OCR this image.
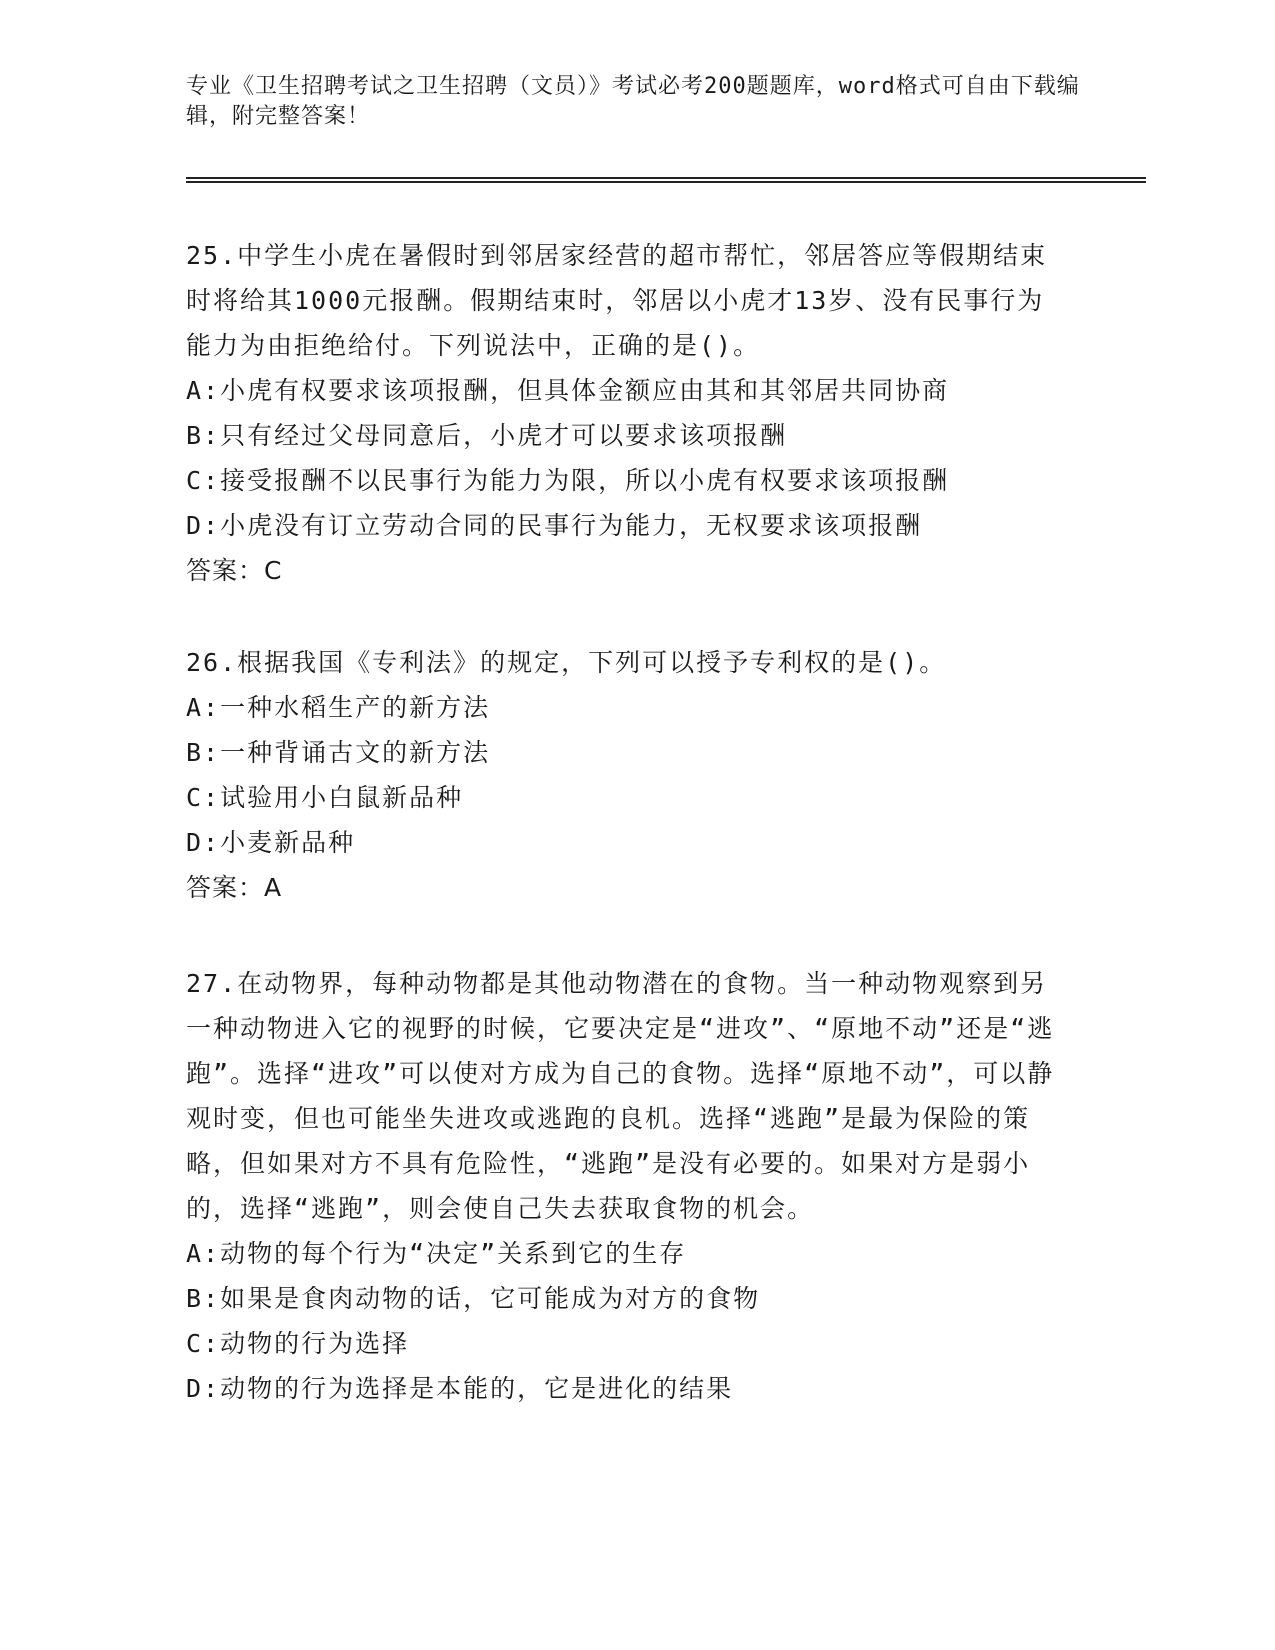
专业《卫生招聘考试之卫生招聘（文员）》考试必考200题题库，word格式可自由下载编辑，附完整答案！
25.中学生小虎在暑假时到邻居家经营的超市帮忙，邻居答应等假期结束时将给其1000元报酬。假期结束时，邻居以小虎才13岁、没有民事行为能力为由拒绝给付。下列说法中，正确的是()。
A:小虎有权要求该项报酬，但具体金额应由其和其邻居共同协商
B:只有经过父母同意后，小虎才可以要求该项报酬
C:接受报酬不以民事行为能力为限，所以小虎有权要求该项报酬
D:小虎没有订立劳动合同的民事行为能力，无权要求该项报酬
答案：C
26.根据我国《专利法》的规定，下列可以授予专利权的是()。
A:一种水稻生产的新方法
B:一种背诵古文的新方法
C:试验用小白鼠新品种
D:小麦新品种
答案：A
27.在动物界，每种动物都是其他动物潜在的食物。当一种动物观察到另一种动物进入它的视野的时候，它要决定是“进攻”、“原地不动”还是“逃跑”。选择“进攻”可以使对方成为自己的食物。选择“原地不动”，可以静观时变，但也可能坐失进攻或逃跑的良机。选择“逃跑”是最为保险的策略，但如果对方不具有危险性，“逃跑”是没有必要的。如果对方是弱小的，选择“逃跑”，则会使自己失去获取食物的机会。
A:动物的每个行为“决定”关系到它的生存
B:如果是食肉动物的话，它可能成为对方的食物
C:动物的行为选择
D:动物的行为选择是本能的，它是进化的结果
